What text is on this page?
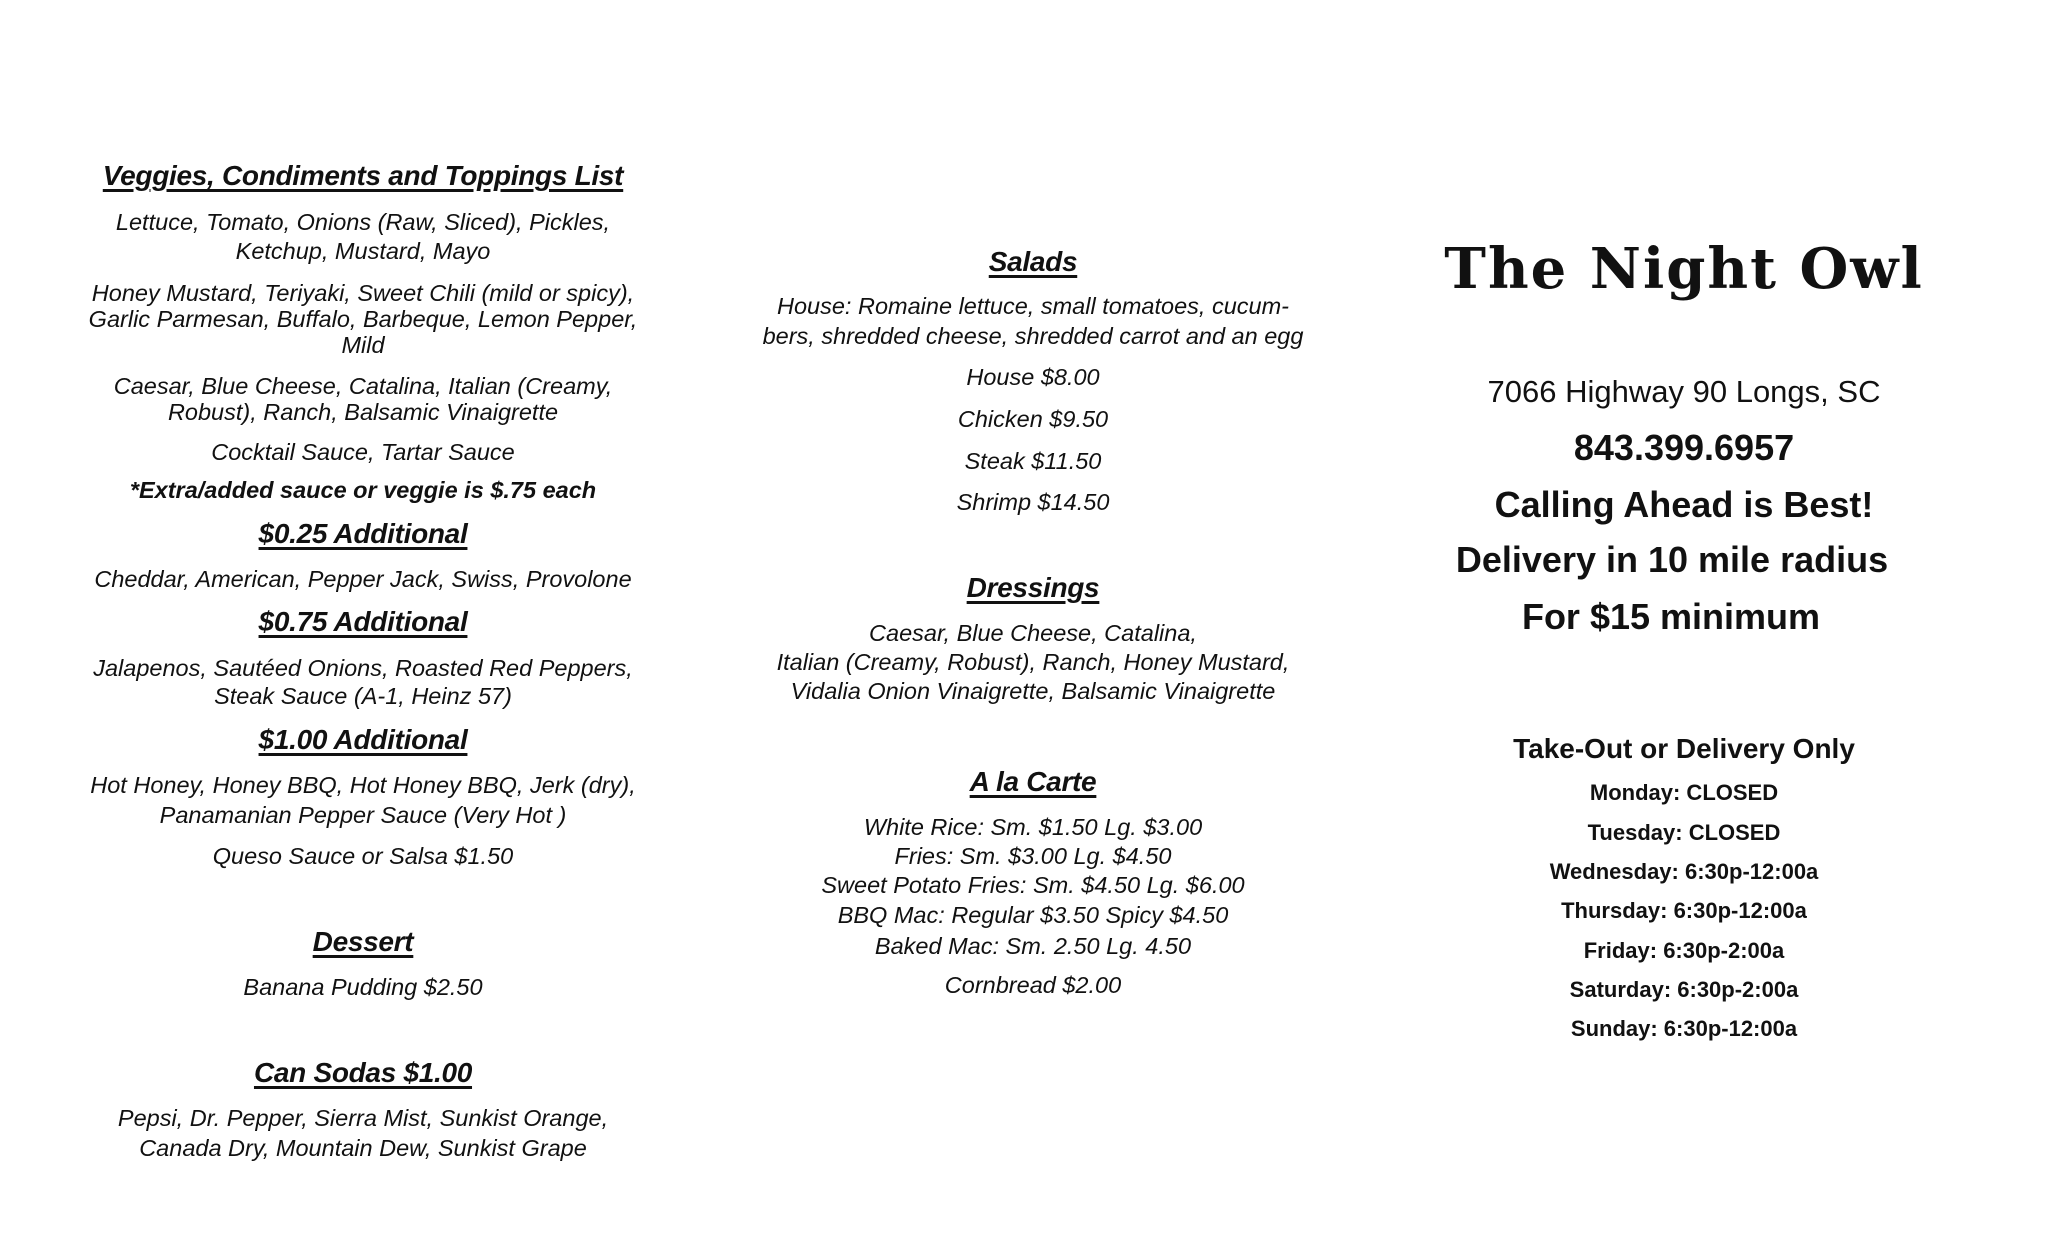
Veggies, Condiments and Toppings List
Lettuce, Tomato, Onions (Raw, Sliced), Pickles,
Ketchup, Mustard, Mayo
Honey Mustard, Teriyaki, Sweet Chili (mild or spicy),
Garlic Parmesan, Buffalo, Barbeque, Lemon Pepper,
Mild
Caesar, Blue Cheese, Catalina, Italian (Creamy,
Robust), Ranch, Balsamic Vinaigrette
Cocktail Sauce, Tartar Sauce
*Extra/added sauce or veggie is $.75 each
$0.25 Additional
Cheddar, American, Pepper Jack, Swiss, Provolone
$0.75 Additional
Jalapenos, Sautéed Onions, Roasted Red Peppers,
Steak Sauce (A-1, Heinz 57)
$1.00 Additional
Hot Honey, Honey BBQ, Hot Honey BBQ, Jerk (dry),
Panamanian Pepper Sauce (Very Hot )
Queso Sauce or Salsa $1.50
Dessert
Banana Pudding $2.50
Can Sodas $1.00
Pepsi, Dr. Pepper, Sierra Mist, Sunkist Orange,
Canada Dry, Mountain Dew, Sunkist Grape
Salads
House: Romaine lettuce, small tomatoes, cucum-
bers, shredded cheese, shredded carrot and an egg
House $8.00
Chicken $9.50
Steak $11.50
Shrimp $14.50
Dressings
Caesar, Blue Cheese, Catalina,
Italian (Creamy, Robust), Ranch, Honey Mustard,
Vidalia Onion Vinaigrette, Balsamic Vinaigrette
A la Carte
White Rice: Sm. $1.50 Lg. $3.00
Fries: Sm. $3.00 Lg. $4.50
Sweet Potato Fries: Sm. $4.50 Lg. $6.00
BBQ Mac: Regular $3.50 Spicy $4.50
Baked Mac: Sm. 2.50 Lg. 4.50
Cornbread $2.00
The Night Owl
7066 Highway 90 Longs, SC
843.399.6957
Calling Ahead is Best!
Delivery in 10 mile radius
For $15 minimum
Take-Out or Delivery Only
Monday: CLOSED
Tuesday: CLOSED
Wednesday: 6:30p-12:00a
Thursday: 6:30p-12:00a
Friday: 6:30p-2:00a
Saturday: 6:30p-2:00a
Sunday: 6:30p-12:00a
